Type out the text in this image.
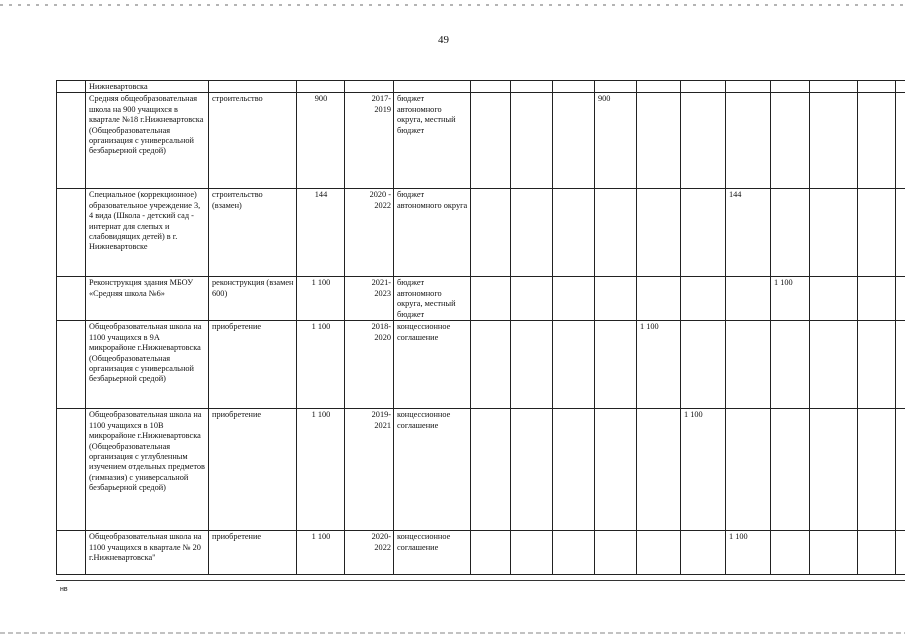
49
	Нижневартовска															
	Средняя общеобразовательная школа на 900 учащихся в квартале №18 г.Нижневартовска (Общеобразовательная организация с универсальной безбарьерной средой)	строительство	900	2017-
2019	бюджет автономного округа, местный бюджет				900							
	Специальное (коррекционное) образовательное учреждение 3, 4 вида (Школа - детский сад - интернат для слепых и слабовидящих детей) в г. Нижневартовске	строительство (взамен)	144	2020 -
2022	бюджет автономного округа							144				
	Реконструкция здания МБОУ «Средняя школа №6»	реконструкция (взамен 600)	1 100	2021-
2023	бюджет автономного округа, местный бюджет								1 100			
	Общеобразовательная школа на 1100 учащихся в 9А микрорайоне г.Нижневартовска (Общеобразовательная организация с универсальной безбарьерной средой)	приобретение	1 100	2018-
2020	концессионное соглашение					1 100						
	Общеобразовательная школа на 1100 учащихся в 10В микрорайоне г.Нижневартовска (Общеобразовательная организация с углубленным изучением отдельных предметов (гимназия) с универсальной безбарьерной средой)	приобретение	1 100	2019-
2021	концессионное соглашение						1 100					
	Общеобразовательная школа на 1100 учащихся в квартале № 20 г.Нижневартовска"	приобретение	1 100	2020-
2022	концессионное соглашение							1 100				
нв
